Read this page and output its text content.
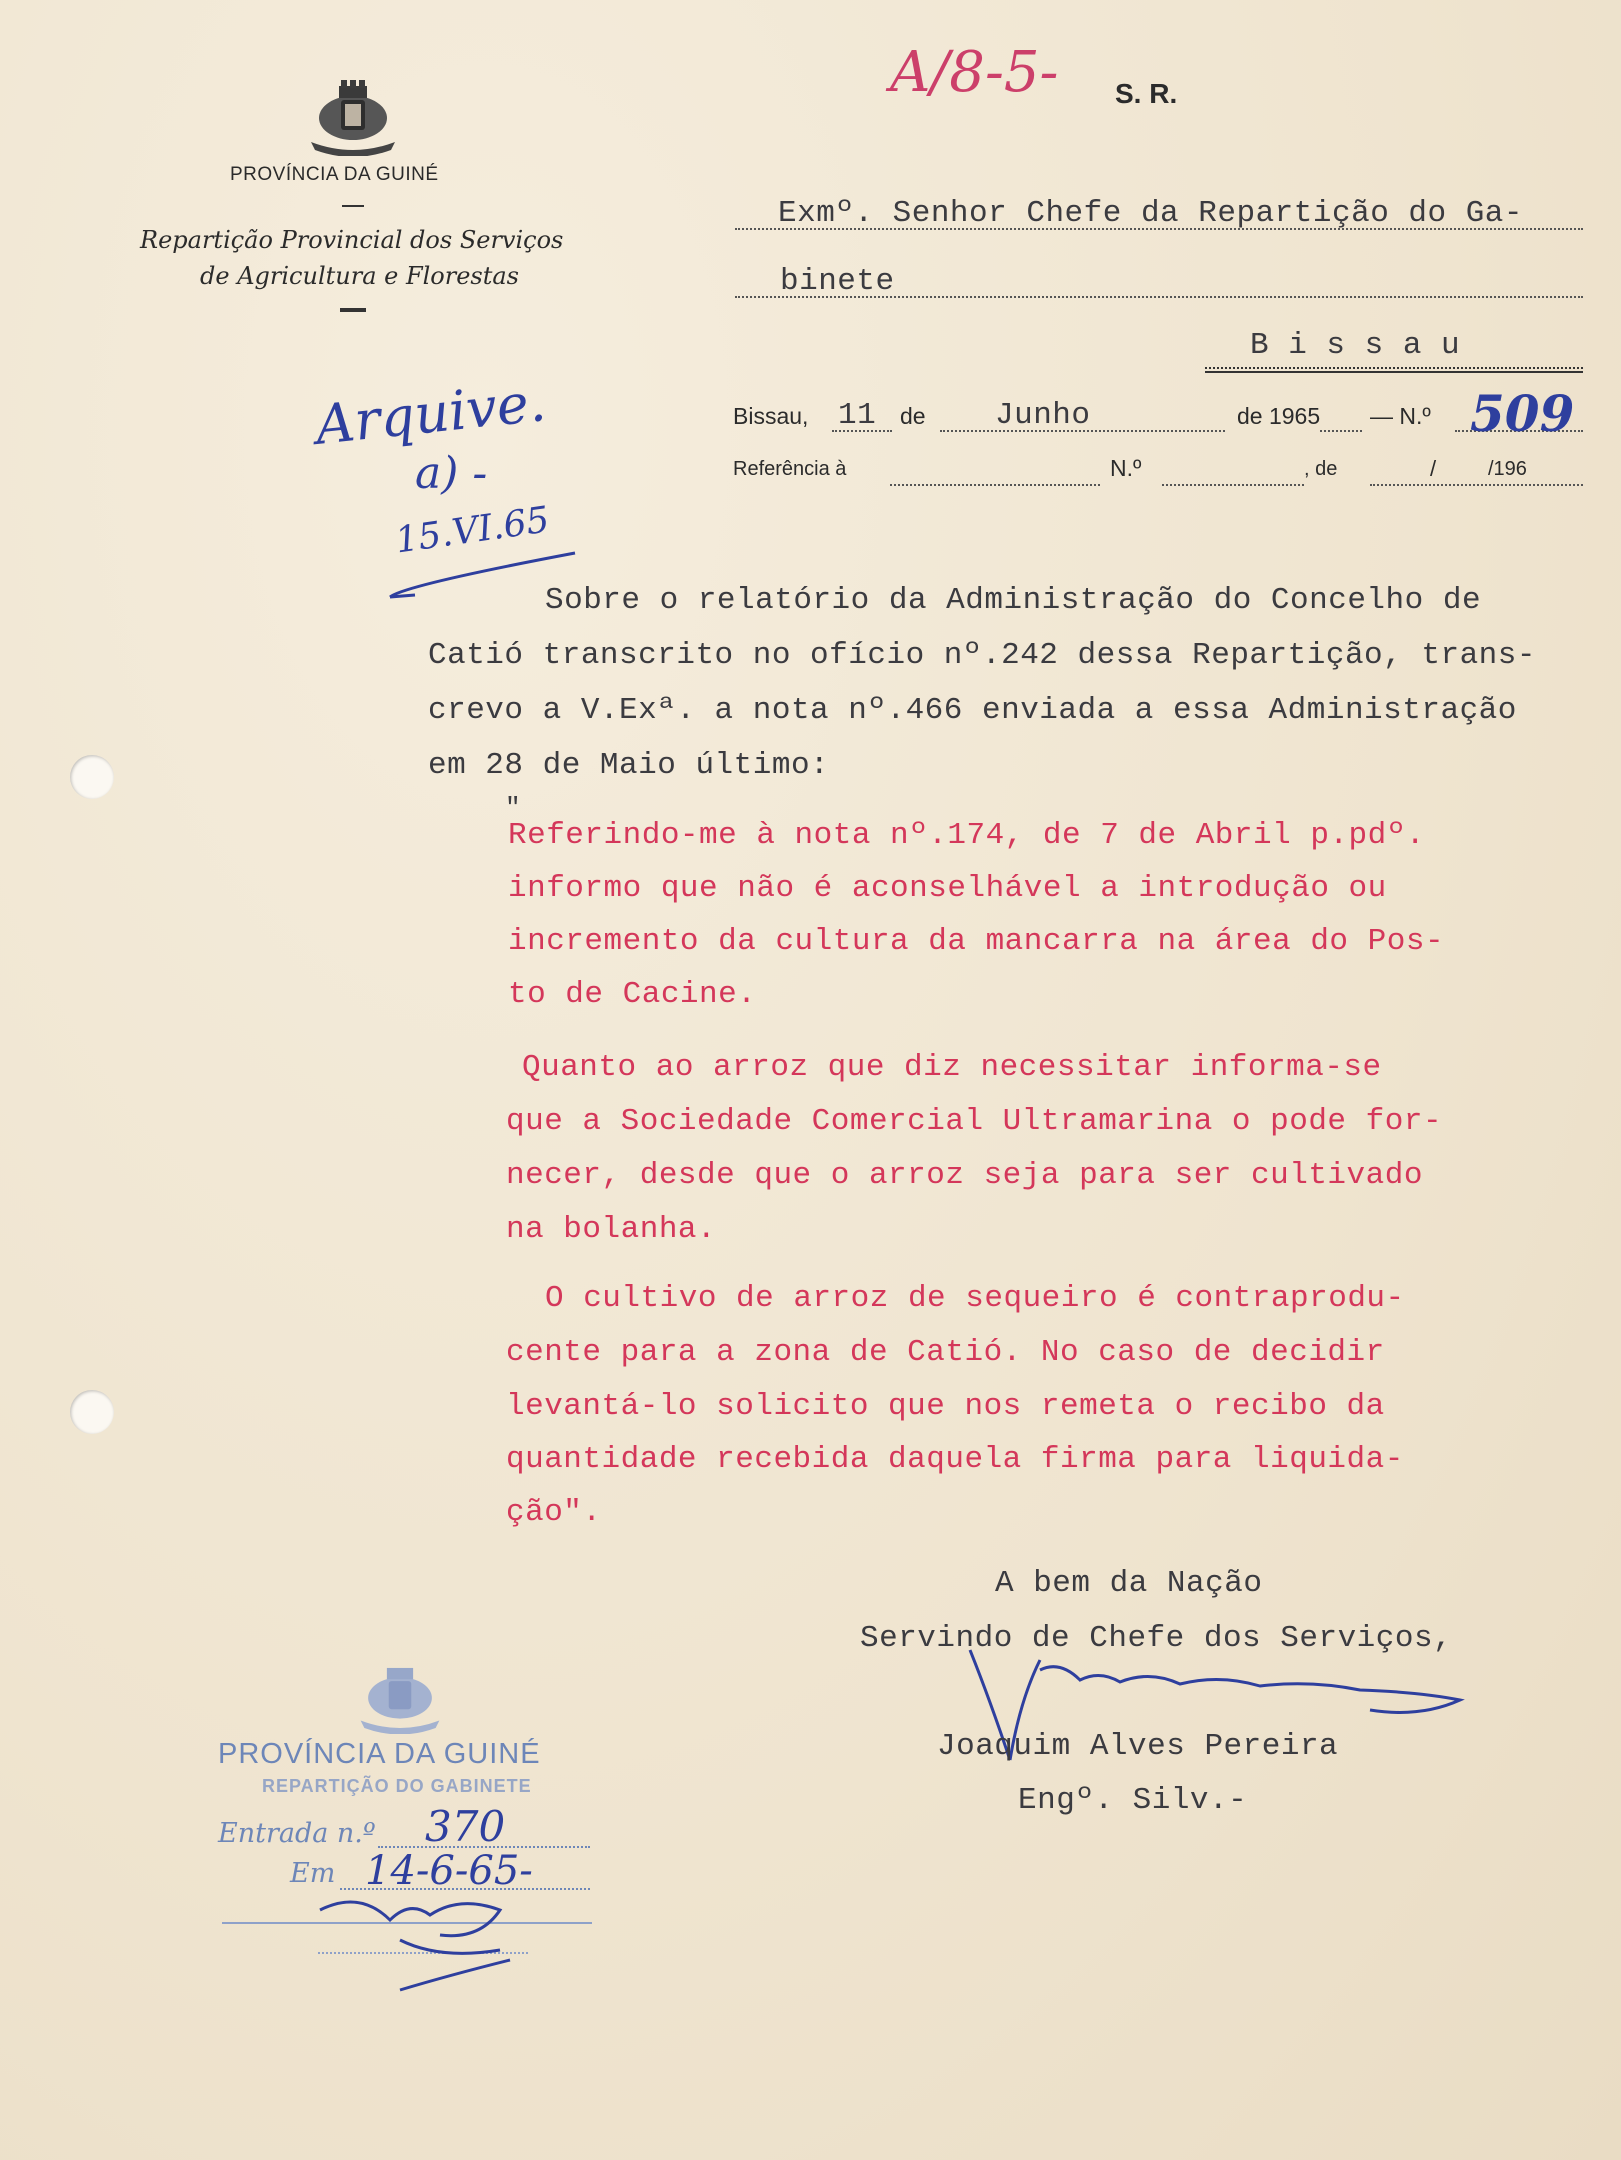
A/8-5- S. R.
PROVÍNCIA DA GUINÉ
Repartição Provincial dos Serviços
de Agricultura e Florestas
Exmº. Senhor Chefe da Repartição do Ga-
binete
B i s s a u
Bissau, 11 de Junho	de 1965 — N.º 509
Referência à	N.º	, de	/	/196
Arquive.
a) -
15.VI.65
Sobre o relatório da Administração do Concelho de
Catió transcrito no ofício nº.242 dessa Repartição, trans-
crevo a V.Exª. a nota nº.466 enviada a essa Administração
em 28 de Maio último:
"
Referindo-me à nota nº.174, de 7 de Abril p.pdº.
informo que não é aconselhável a introdução ou
incremento da cultura da mancarra na área do Pos-
to de Cacine.
Quanto ao arroz que diz necessitar informa-se
que a Sociedade Comercial Ultramarina o pode for-
necer, desde que o arroz seja para ser cultivado
na bolanha.
O cultivo de arroz de sequeiro é contraprodu-
cente para a zona de Catió. No caso de decidir
levantá-lo solicito que nos remeta o recibo da
quantidade recebida daquela firma para liquida-
ção".
A bem da Nação
Servindo de Chefe dos Serviços,
Joaquim Alves Pereira
Engº. Silv.-
PROVÍNCIA DA GUINÉ
REPARTIÇÃO DO GABINETE
Entrada n.º 370
Em 14-6-65-
